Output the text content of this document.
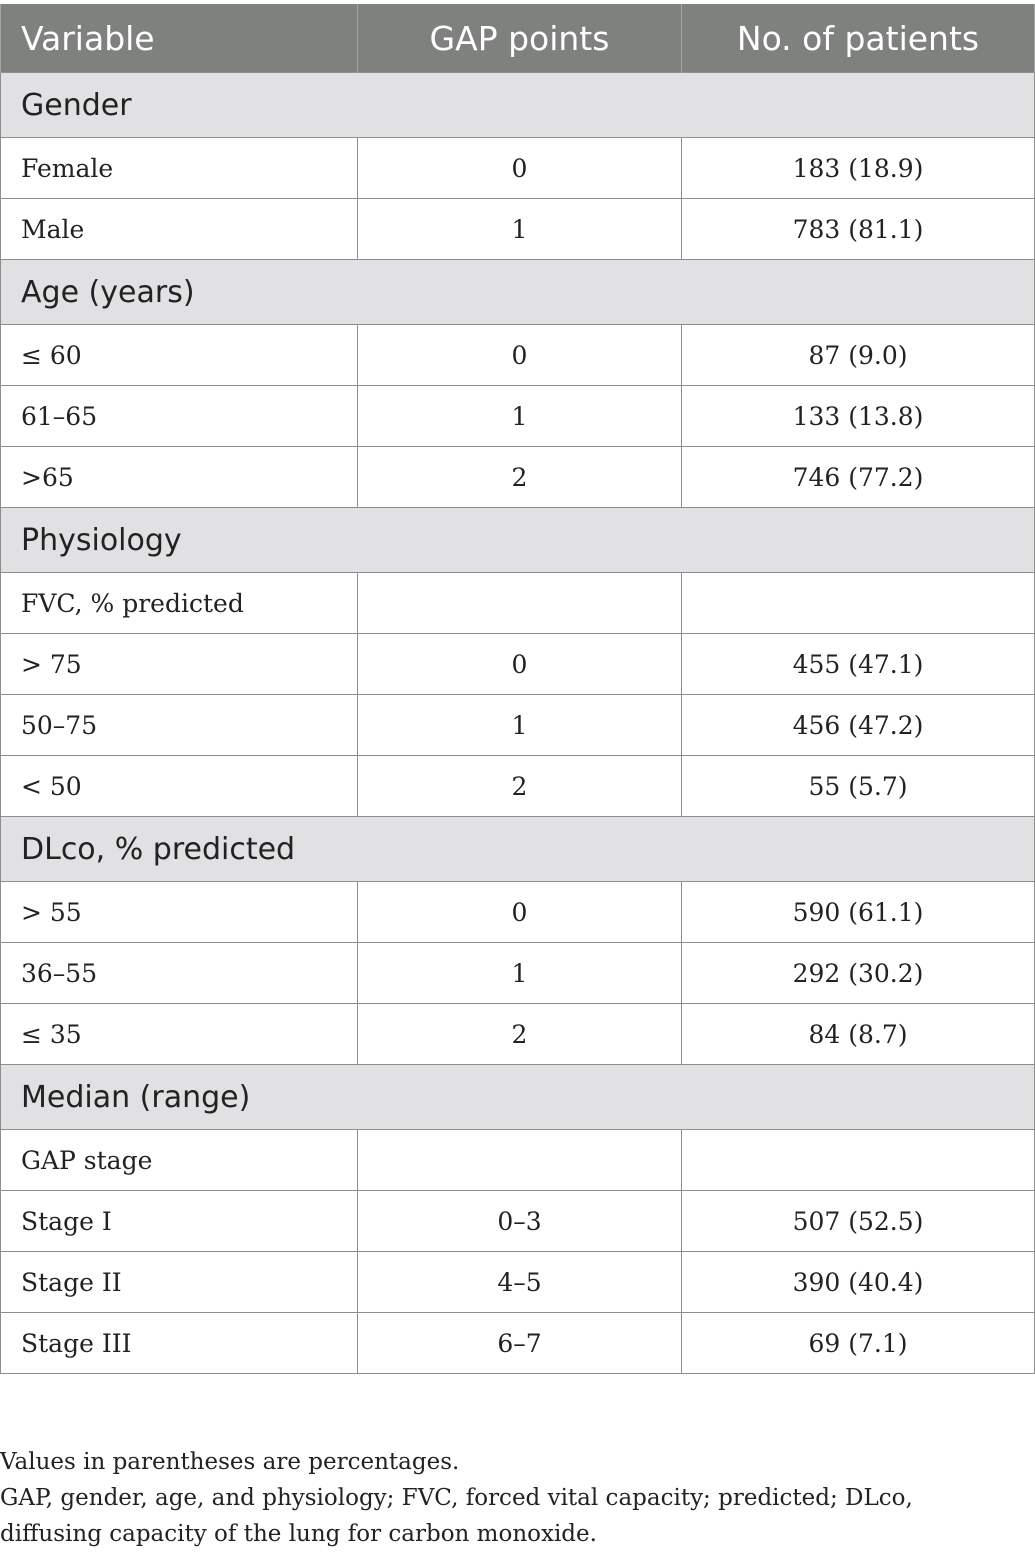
Variable	GAP points	No. of patients
Gender		
Female	0	183 (18.9)
Male	1	783 (81.1)
Age (years)		
≤ 60	0	87 (9.0)
61–65	1	133 (13.8)
>65	2	746 (77.2)
Physiology		
FVC, % predicted		
> 75	0	455 (47.1)
50–75	1	456 (47.2)
< 50	2	55 (5.7)
DLco, % predicted		
> 55	0	590 (61.1)
36–55	1	292 (30.2)
≤ 35	2	84 (8.7)
Median (range)		
GAP stage		
Stage I	0–3	507 (52.5)
Stage II	4–5	390 (40.4)
Stage III	6–7	69 (7.1)

Values in parentheses are percentages.

GAP, gender, age, and physiology; FVC, forced vital capacity; predicted; DLco, diffusing capacity of the lung for carbon monoxide.
